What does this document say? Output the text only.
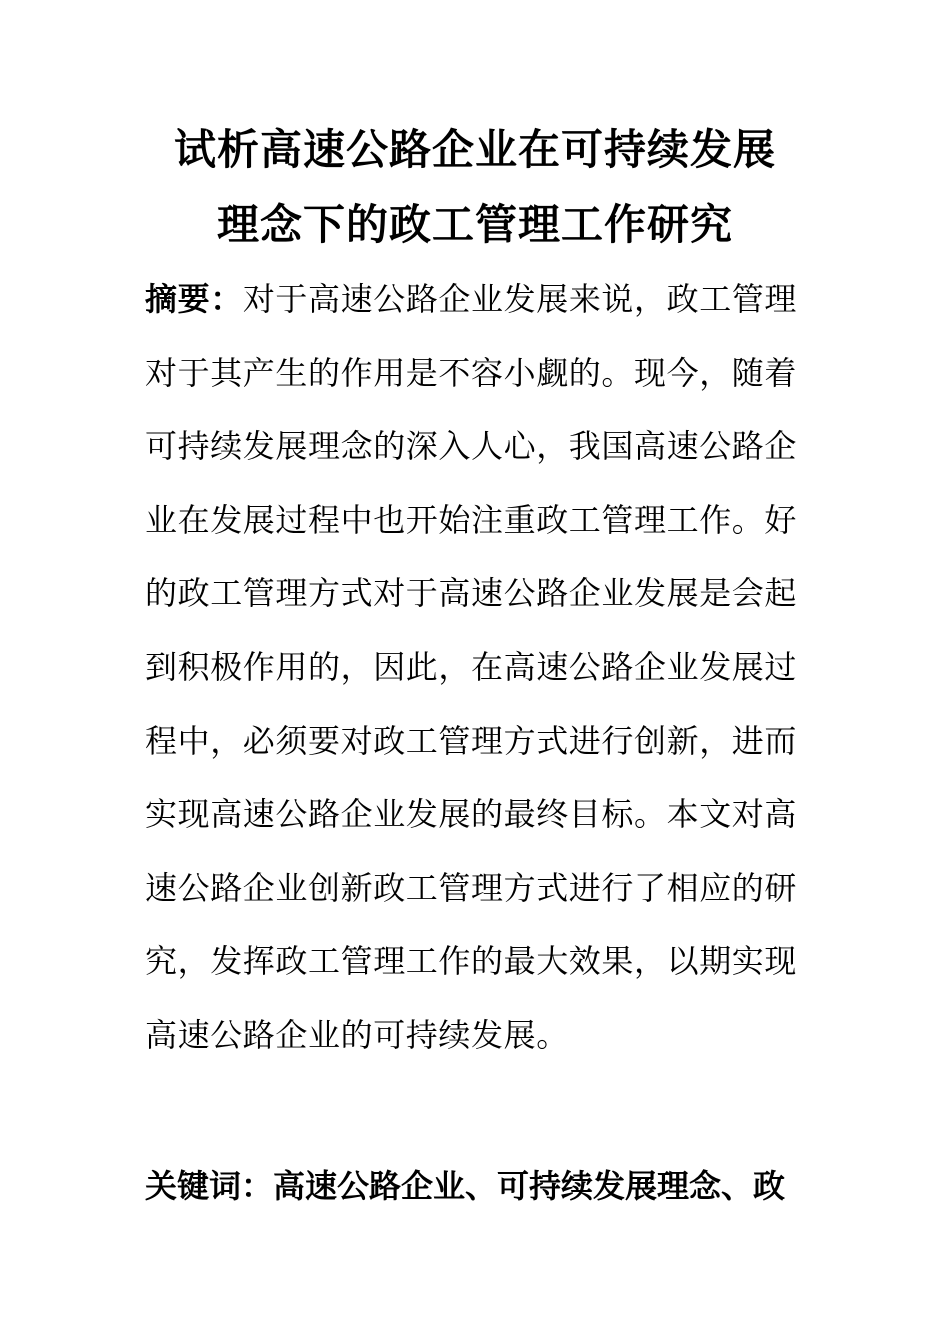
试析高速公路企业在可持续发展
理念下的政工管理工作研究

摘要：对于高速公路企业发展来说，政工管理对于其产生的作用是不容小觑的。现今，随着可持续发展理念的深入人心，我国高速公路企业在发展过程中也开始注重政工管理工作。好的政工管理方式对于高速公路企业发展是会起到积极作用的，因此，在高速公路企业发展过程中，必须要对政工管理方式进行创新，进而实现高速公路企业发展的最终目标。本文对高速公路企业创新政工管理方式进行了相应的研究，发挥政工管理工作的最大效果，以期实现高速公路企业的可持续发展。

关键词：高速公路企业、可持续发展理念、政
